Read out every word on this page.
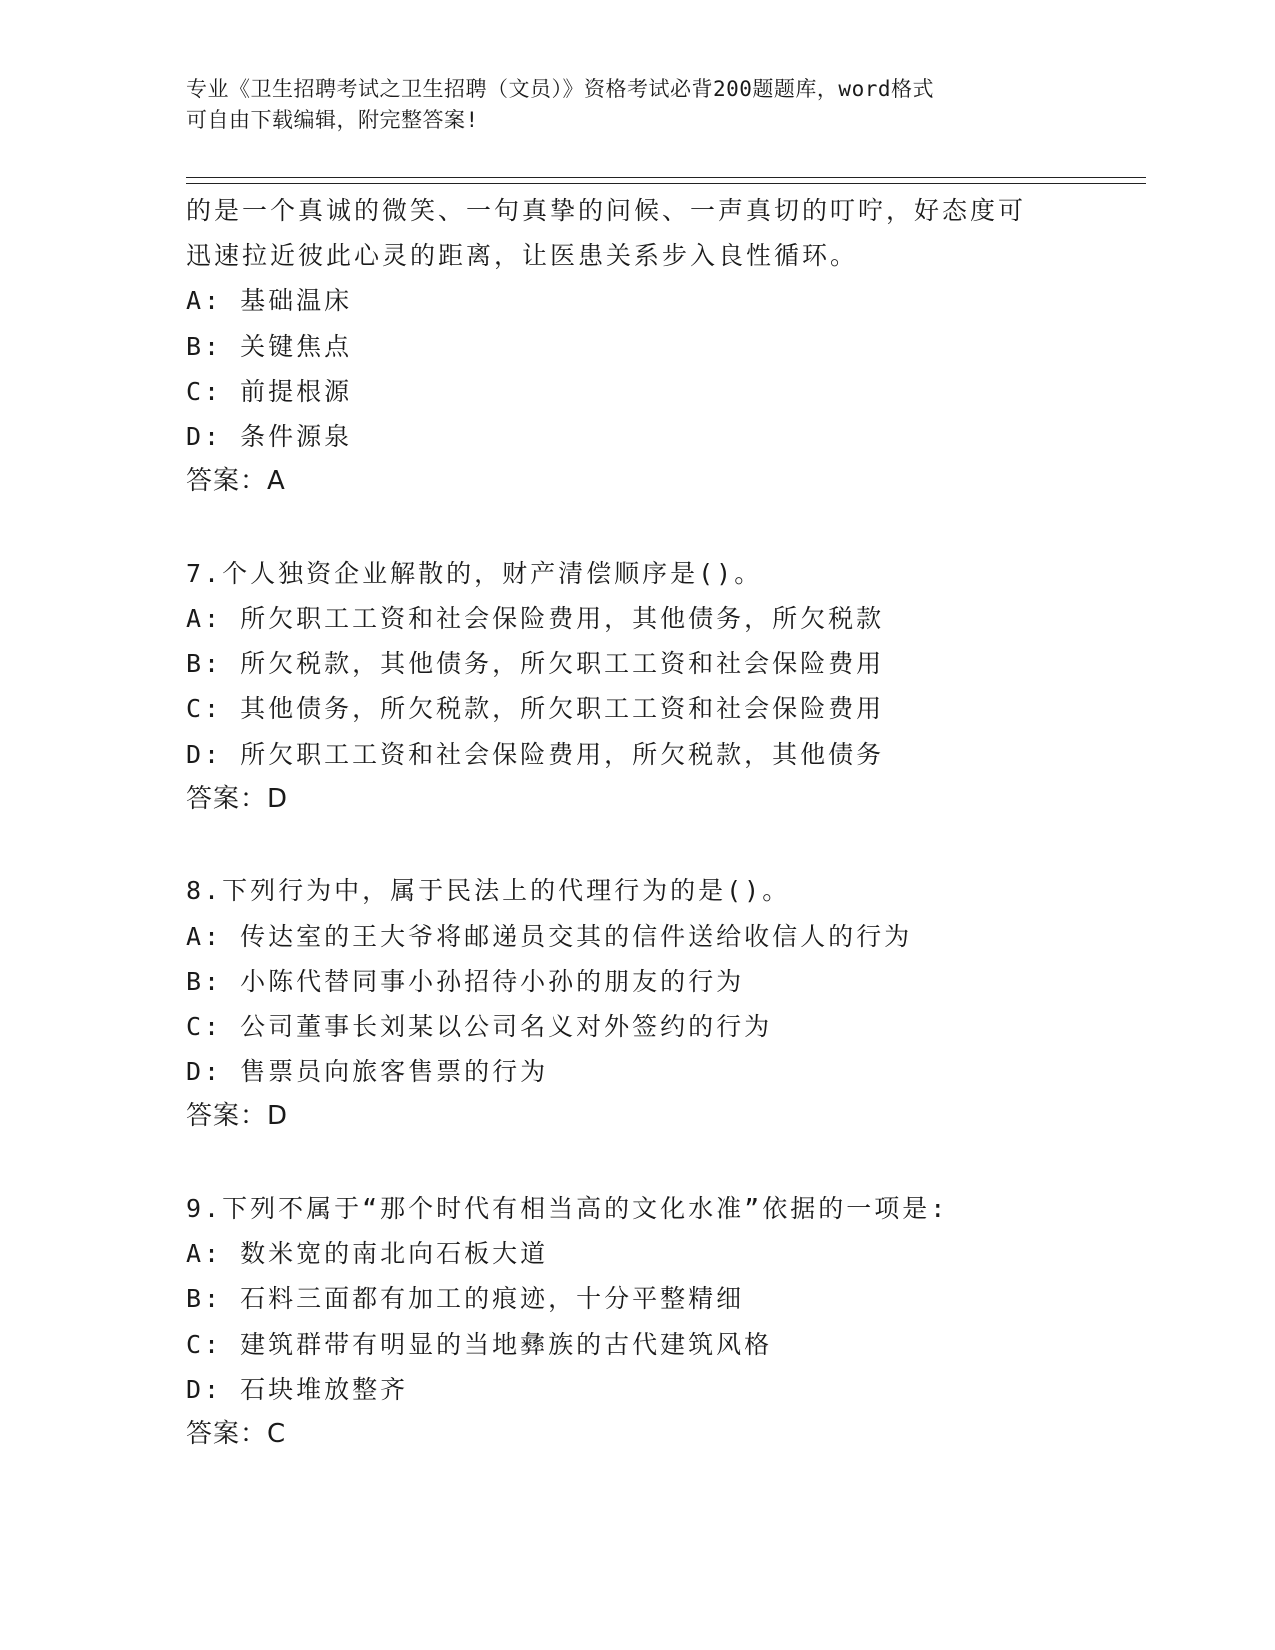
专业《卫生招聘考试之卫生招聘（文员）》资格考试必背200题题库，word格式
可自由下载编辑，附完整答案!
的是一个真诚的微笑、一句真挚的问候、一声真切的叮咛，好态度可
迅速拉近彼此心灵的距离，让医患关系步入良性循环。
A: 基础温床
B: 关键焦点
C: 前提根源
D: 条件源泉
答案：A
7.个人独资企业解散的，财产清偿顺序是()。
A: 所欠职工工资和社会保险费用，其他债务，所欠税款
B: 所欠税款，其他债务，所欠职工工资和社会保险费用
C: 其他债务，所欠税款，所欠职工工资和社会保险费用
D: 所欠职工工资和社会保险费用，所欠税款，其他债务
答案：D
8.下列行为中，属于民法上的代理行为的是()。
A: 传达室的王大爷将邮递员交其的信件送给收信人的行为
B: 小陈代替同事小孙招待小孙的朋友的行为
C: 公司董事长刘某以公司名义对外签约的行为
D: 售票员向旅客售票的行为
答案：D
9.下列不属于“那个时代有相当高的文化水准”依据的一项是:
A: 数米宽的南北向石板大道
B: 石料三面都有加工的痕迹，十分平整精细
C: 建筑群带有明显的当地彝族的古代建筑风格
D: 石块堆放整齐
答案：C
